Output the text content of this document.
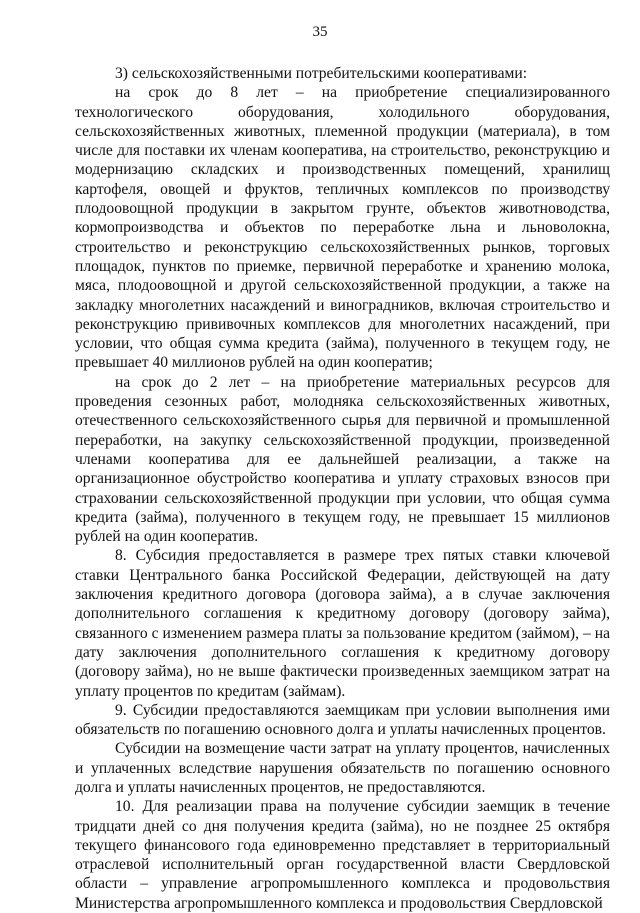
35

3) сельскохозяйственными потребительскими кооперативами:

на срок до 8 лет – на приобретение специализированного технологического оборудования, холодильного оборудования, сельскохозяйственных животных, племенной продукции (материала), в том числе для поставки их членам кооператива, на строительство, реконструкцию и модернизацию складских и производственных помещений, хранилищ картофеля, овощей и фруктов, тепличных комплексов по производству плодоовощной продукции в закрытом грунте, объектов животноводства, кормопроизводства и объектов по переработке льна и льноволокна, строительство и реконструкцию сельскохозяйственных рынков, торговых площадок, пунктов по приемке, первичной переработке и хранению молока, мяса, плодоовощной и другой сельскохозяйственной продукции, а также на закладку многолетних насаждений и виноградников, включая строительство и реконструкцию прививочных комплексов для многолетних насаждений, при условии, что общая сумма кредита (займа), полученного в текущем году, не превышает 40 миллионов рублей на один кооператив;

на срок до 2 лет – на приобретение материальных ресурсов для проведения сезонных работ, молодняка сельскохозяйственных животных, отечественного сельскохозяйственного сырья для первичной и промышленной переработки, на закупку сельскохозяйственной продукции, произведенной членами кооператива для ее дальнейшей реализации, а также на организационное обустройство кооператива и уплату страховых взносов при страховании сельскохозяйственной продукции при условии, что общая сумма кредита (займа), полученного в текущем году, не превышает 15 миллионов рублей на один кооператив.

8. Субсидия предоставляется в размере трех пятых ставки ключевой ставки Центрального банка Российской Федерации, действующей на дату заключения кредитного договора (договора займа), а в случае заключения дополнительного соглашения к кредитному договору (договору займа), связанного с изменением размера платы за пользование кредитом (займом), – на дату заключения дополнительного соглашения к кредитному договору (договору займа), но не выше фактически произведенных заемщиком затрат на уплату процентов по кредитам (займам).

9. Субсидии предоставляются заемщикам при условии выполнения ими обязательств по погашению основного долга и уплаты начисленных процентов.

Субсидии на возмещение части затрат на уплату процентов, начисленных и уплаченных вследствие нарушения обязательств по погашению основного долга и уплаты начисленных процентов, не предоставляются.

10. Для реализации права на получение субсидии заемщик в течение тридцати дней со дня получения кредита (займа), но не позднее 25 октября текущего финансового года единовременно представляет в территориальный отраслевой исполнительный орган государственной власти Свердловской области – управление агропромышленного комплекса и продовольствия Министерства агропромышленного комплекса и продовольствия Свердловской
